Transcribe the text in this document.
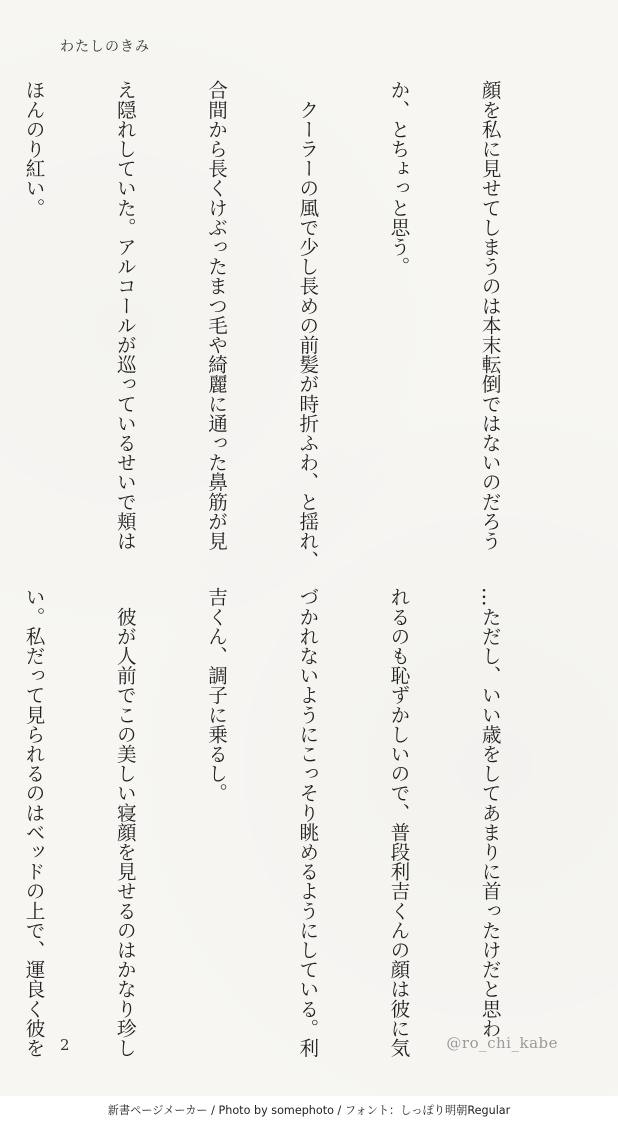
わたしのきみ

顔を私に見せてしまうのは本末転倒ではないのだろう

か、とちょっと思う。

　クーラーの風で少し長めの前髪が時折ふわ、と揺れ、

合間から長くけぶったまつ毛や綺麗に通った鼻筋が見

え隠れしていた。アルコールが巡っているせいで頬は

ほんのり紅い。

…ただし、いい歳をしてあまりに首ったけだと思わ

れるのも恥ずかしいので、普段利吉くんの顔は彼に気

づかれないようにこっそり眺めるようにしている。利

吉くん、調子に乗るし。

　彼が人前でこの美しい寝顔を見せるのはかなり珍し

い。私だって見られるのはベッドの上で、運良く彼を

2	@ro_chi_kabe
新書ページメーカー / Photo by somephoto / フォント：しっぽり明朝Regular
